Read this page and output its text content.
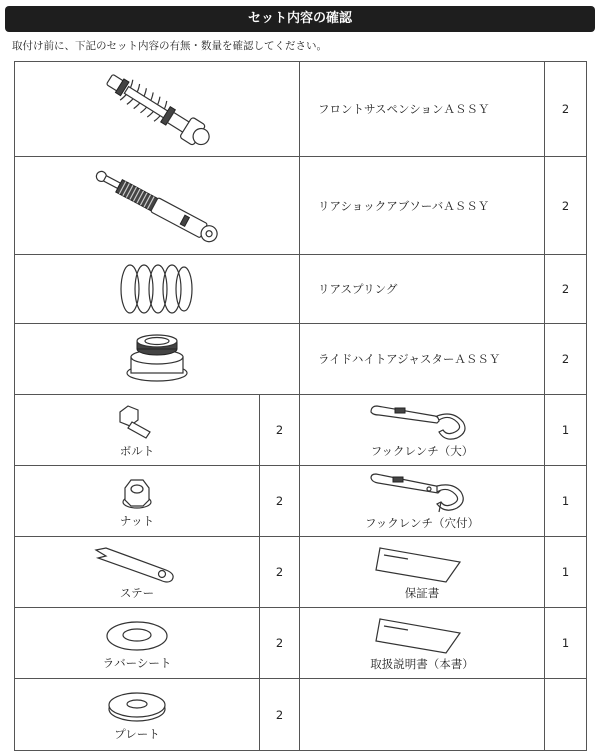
セット内容の確認
取付け前に、下記のセット内容の有無・数量を確認してください。
	フロントサスペンションＡＳＳＹ	2

	リアショックアブソーバＡＳＳＹ	2

	リアスプリング	2

	ライドハイトアジャスターＡＳＳＹ	2

ボルト	2	フックレンチ（大）	1

ナット	2	フックレンチ（穴付）	1

ステー	2	保証書	1

ラバーシート	2	取扱説明書（本書）	1

プレート	2		
